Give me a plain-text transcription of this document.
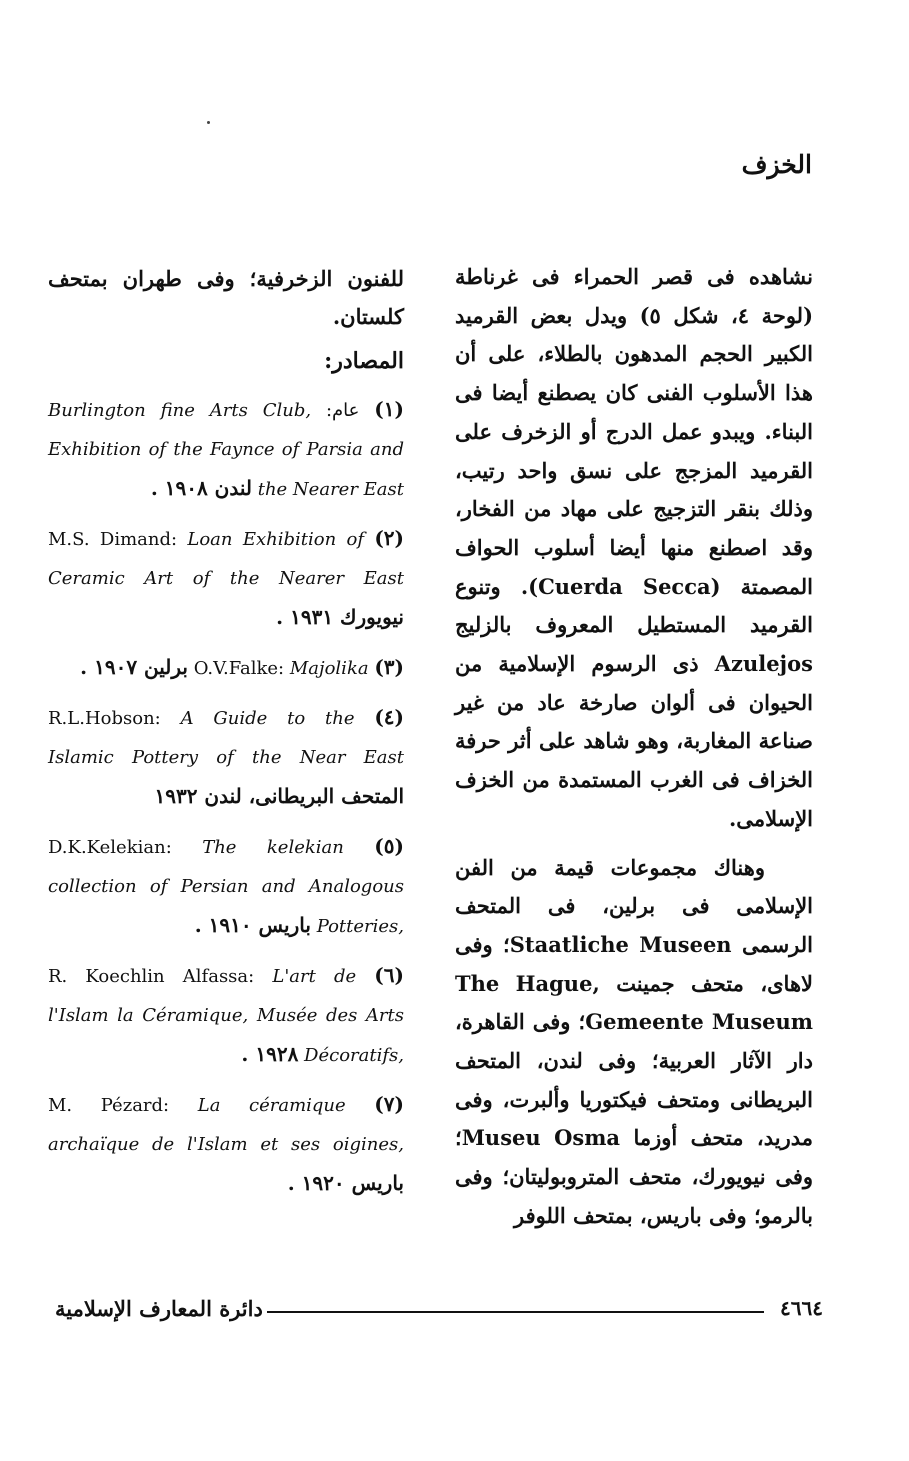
الخزف

نشاهده فى قصر الحمراء فى غرناطة (لوحة ٤، شكل ٥) ويدل بعض القرميد الكبير الحجم المدهون بالطلاء، على أن هذا الأسلوب الفنى كان يصطنع أيضا فى البناء. ويبدو عمل الدرج أو الزخرف على القرميد المزجج على نسق واحد رتيب، وذلك بنقر التزجيج على مهاد من الفخار، وقد اصطنع منها أيضا أسلوب الحواف المصمتة (Cuerda Secca). وتنوع القرميد المستطيل المعروف بالزليج Azulejos ذى الرسوم الإسلامية من الحيوان فى ألوان صارخة عاد من غير صناعة المغاربة، وهو شاهد على أثر حرفة الخزاف فى الغرب المستمدة من الخزف الإسلامى.

وهناك مجموعات قيمة من الفن الإسلامى فى برلين، فى المتحف الرسمى Staatliche Museen؛ وفى لاهاى، متحف جمينت The Hague, Gemeente Museum؛ وفى القاهرة، دار الآثار العربية؛ وفى لندن، المتحف البريطانى ومتحف فيكتوريا وألبرت، وفى مدريد، متحف أوزما Museu Osma؛ وفى نيويورك، متحف المتروبوليتان؛ وفى بالرمو؛ وفى باريس، بمتحف اللوفر

للفنون الزخرفية؛ وفى طهران بمتحف كلستان.

المصادر:

(١) عام: Burlington fine Arts Club, Exhibition of the Faynce of Parsia and the Nearer East لندن ١٩٠٨ .
(٢) M.S. Dimand: Loan Exhibition of Ceramic Art of the Nearer East نيويورك ١٩٣١ .
(٣) O.V.Falke: Majolika برلين ١٩٠٧ .
(٤) R.L.Hobson: A Guide to the Islamic Pottery of the Near East المتحف البريطانى، لندن ١٩٣٢
(٥) D.K.Kelekian: The kelekian collection of Persian and Analogous Potteries, باريس ١٩١٠ .
(٦) R. Koechlin Alfassa: L'art de l'Islam la Céramique, Musée des Arts Décoratifs, ١٩٢٨ .
(٧) M. Pézard: La céramique archaïque de l'Islam et ses oigines, باريس ١٩٢٠ .
دائرة المعارف الإسلامية	٤٦٦٤
